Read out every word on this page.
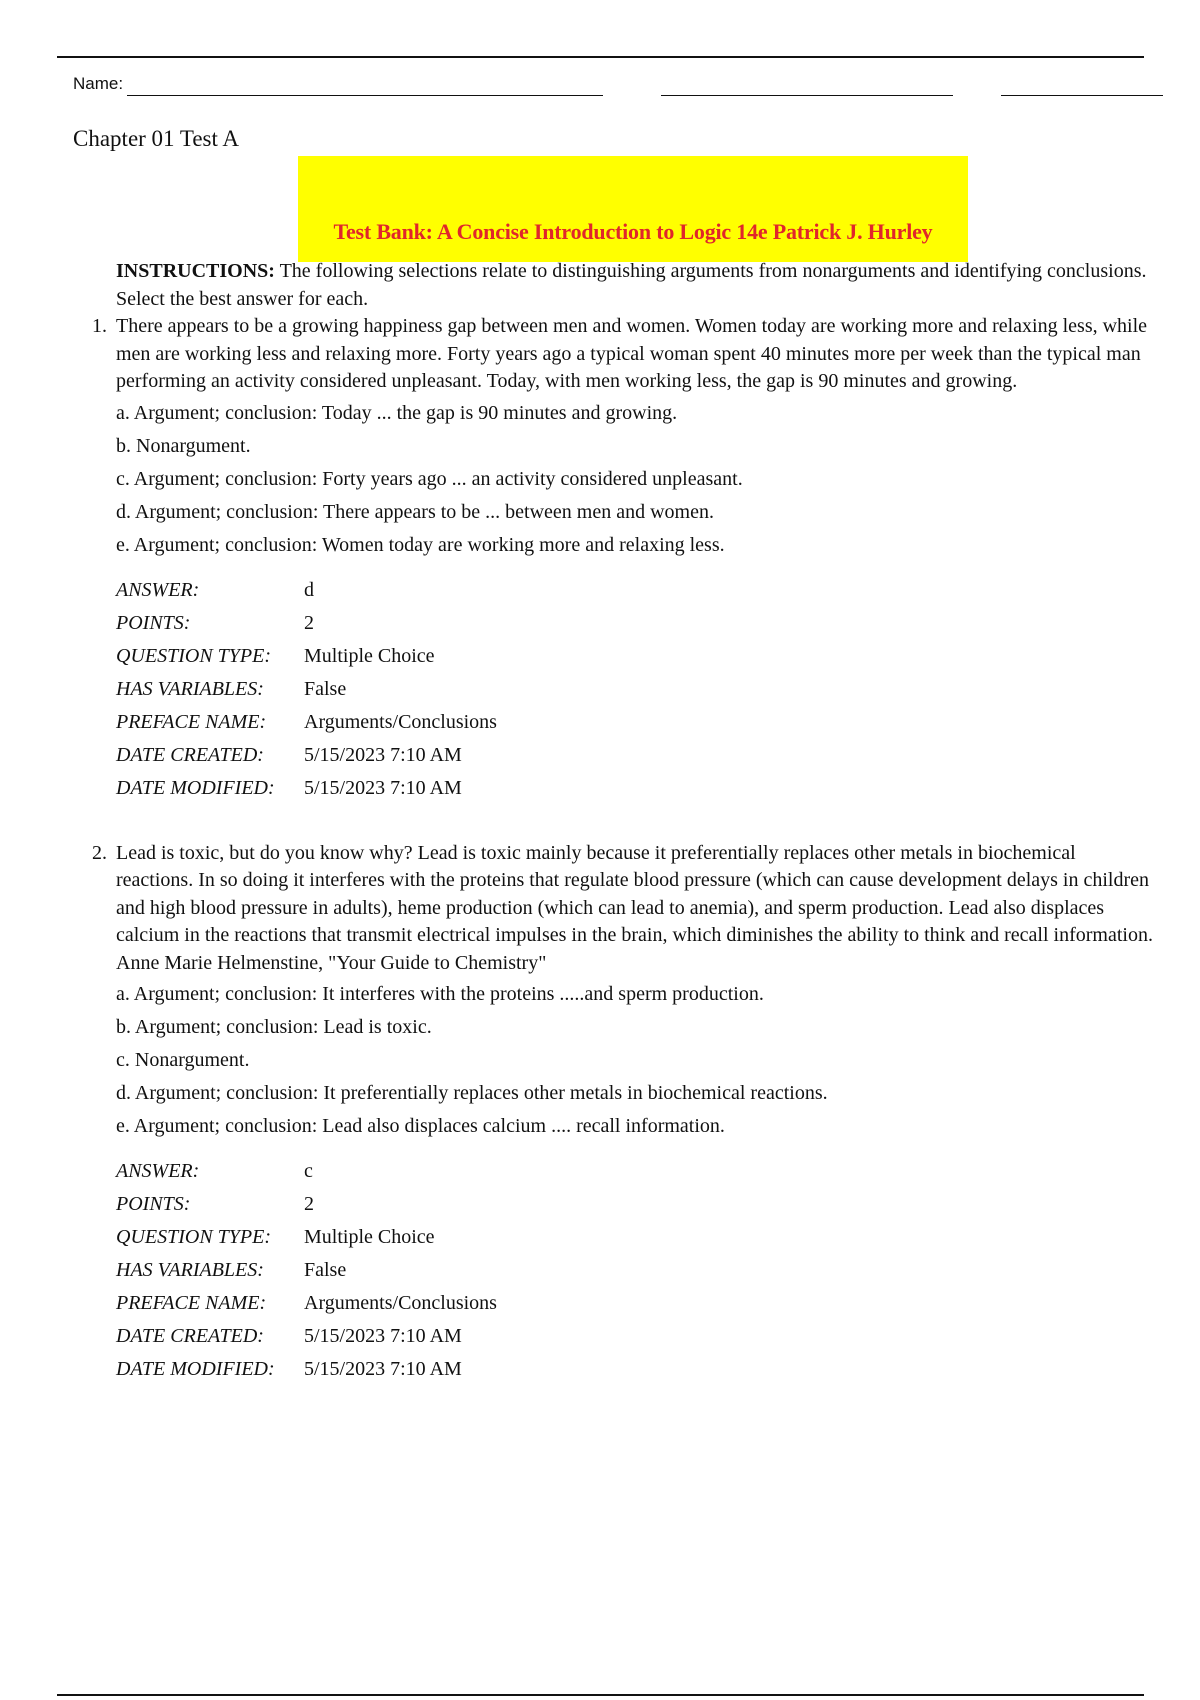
Name:
Chapter 01 Test A
Test Bank: A Concise Introduction to Logic 14e Patrick J. Hurley
INSTRUCTIONS: The following selections relate to distinguishing arguments from nonarguments and identifying conclusions. Select the best answer for each.
1. There appears to be a growing happiness gap between men and women. Women today are working more and relaxing less, while men are working less and relaxing more. Forty years ago a typical woman spent 40 minutes more per week than the typical man performing an activity considered unpleasant. Today, with men working less, the gap is 90 minutes and growing.

a. Argument; conclusion: Today ... the gap is 90 minutes and growing.
b. Nonargument.
c. Argument; conclusion: Forty years ago ... an activity considered unpleasant.
d. Argument; conclusion: There appears to be ... between men and women.
e. Argument; conclusion: Women today are working more and relaxing less.
ANSWER:	d
POINTS:	2
QUESTION TYPE: Multiple Choice
HAS VARIABLES: False
PREFACE NAME: Arguments/Conclusions
DATE CREATED: 5/15/2023 7:10 AM
DATE MODIFIED: 5/15/2023 7:10 AM
2. Lead is toxic, but do you know why? Lead is toxic mainly because it preferentially replaces other metals in biochemical reactions. In so doing it interferes with the proteins that regulate blood pressure (which can cause development delays in children and high blood pressure in adults), heme production (which can lead to anemia), and sperm production. Lead also displaces calcium in the reactions that transmit electrical impulses in the brain, which diminishes the ability to think and recall information.

Anne Marie Helmenstine, "Your Guide to Chemistry"
a. Argument; conclusion: It interferes with the proteins .....and sperm production.
b. Argument; conclusion: Lead is toxic.
c. Nonargument.
d. Argument; conclusion: It preferentially replaces other metals in biochemical reactions.
e. Argument; conclusion: Lead also displaces calcium .... recall information.
ANSWER:	c
POINTS:	2
QUESTION TYPE: Multiple Choice
HAS VARIABLES: False
PREFACE NAME: Arguments/Conclusions
DATE CREATED: 5/15/2023 7:10 AM
DATE MODIFIED: 5/15/2023 7:10 AM
